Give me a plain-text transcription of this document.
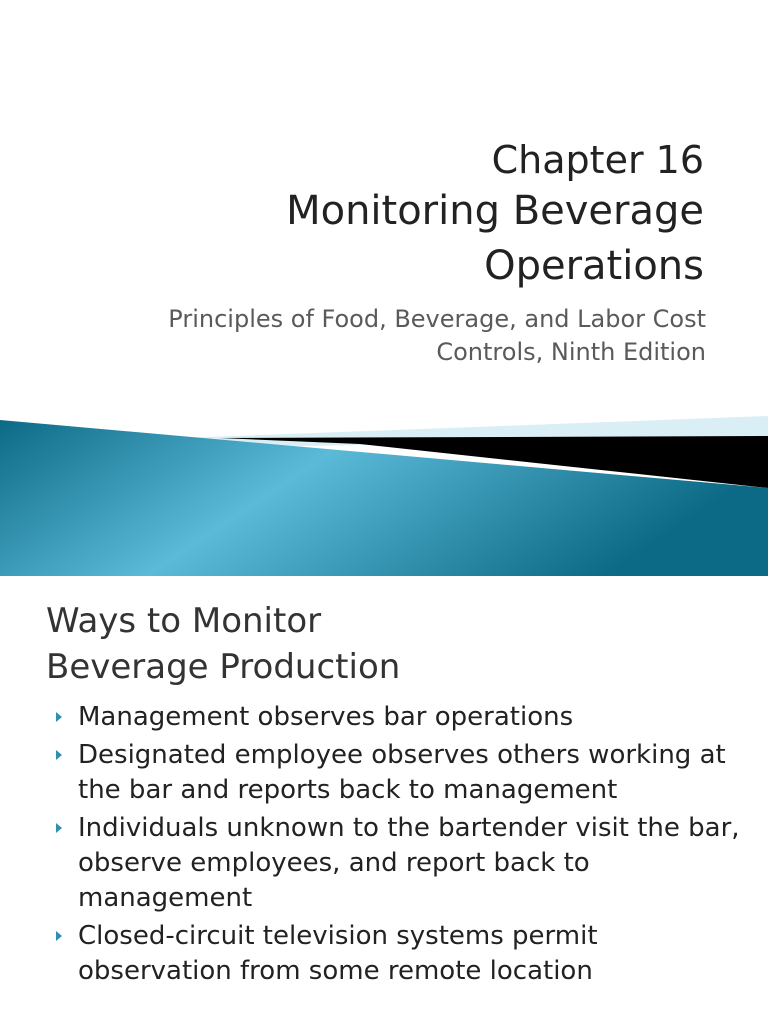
Chapter 16
Monitoring Beverage
Operations
Principles of Food, Beverage, and Labor Cost
Controls, Ninth Edition
Ways to Monitor
Beverage Production
Management observes bar operations
Designated employee observes others working at the bar and reports back to management
Individuals unknown to the bartender visit the bar, observe employees, and report back to management
Closed-circuit television systems permit observation from some remote location
